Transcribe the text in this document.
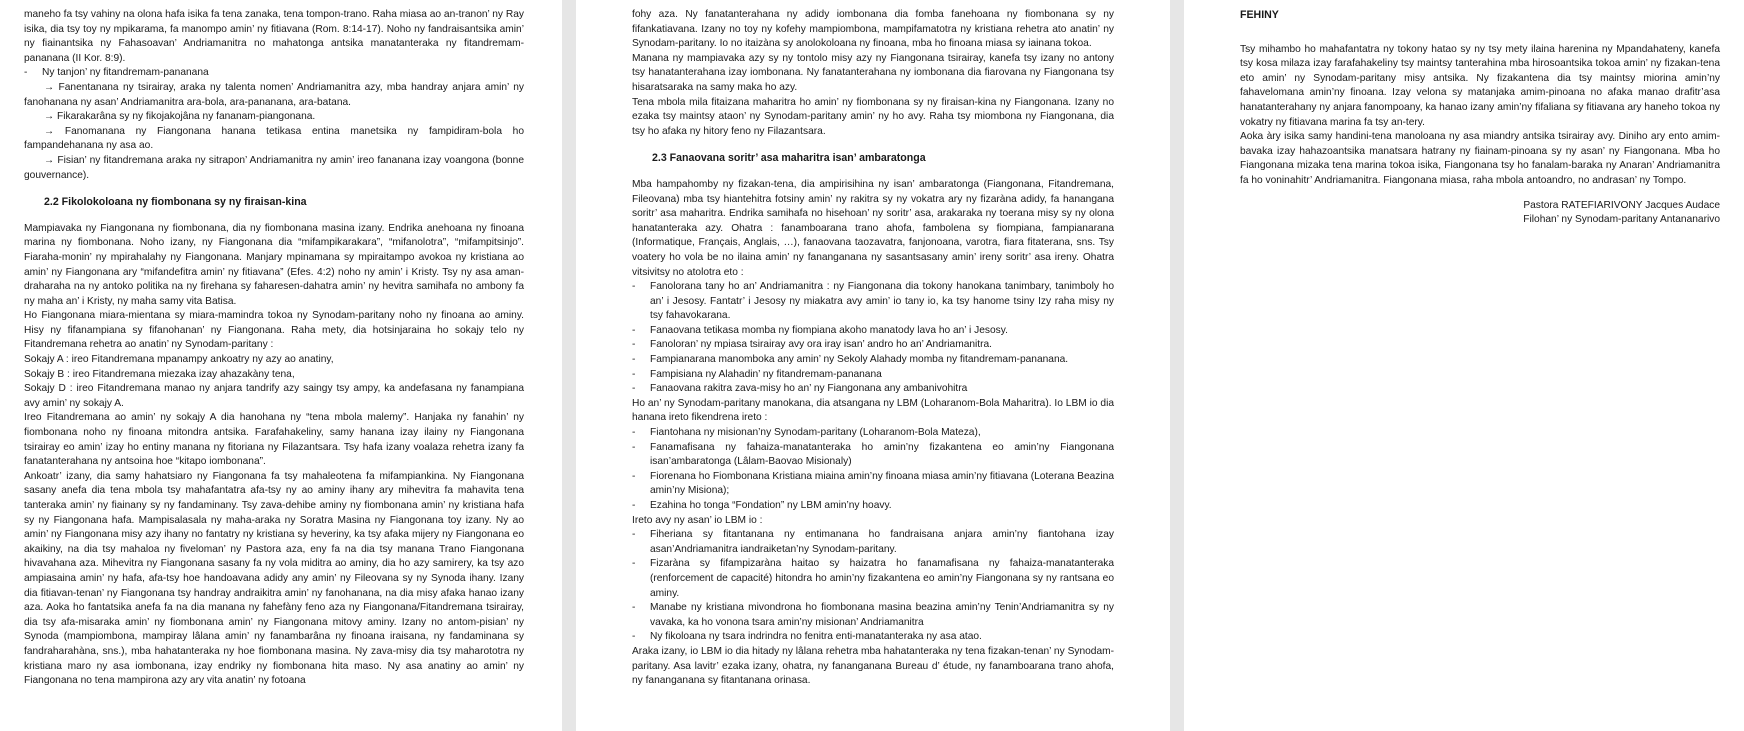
maneho fa tsy vahiny na olona hafa isika fa tena zanaka, tena tompon-trano. Raha miasa ao an-tranon’ ny Ray isika, dia tsy toy ny mpikarama, fa manompo amin’ ny fitiavana (Rom. 8:14-17). Noho ny fandraisantsika amin’ ny fiainantsika ny Fahasoavan’ Andriamanitra no mahatonga antsika manatanteraka ny fitandremam-pananana (II Kor. 8:9).

-	Ny tanjon’ ny fitandremam-pananana

→ Fanentanana ny tsirairay, araka ny talenta nomen’ Andriamanitra azy, mba handray anjara amin’ ny fanohanana ny asan’ Andriamanitra ara-bola, ara-pananana, ara-batana.

→ Fikarakarâna sy ny fikojakojâna ny fananam-piangonana.

→ Fanomanana ny Fiangonana hanana tetikasa entina manetsika ny fampidiram-bola ho fampandehanana ny asa ao.

→ Fisian’ ny fitandremana araka ny sitrapon’ Andriamanitra ny amin’ ireo fananana izay voangona (bonne gouvernance).

2.2 Fikolokoloana ny fiombonana sy ny firaisan-kina

Mampiavaka ny Fiangonana ny fiombonana, dia ny fiombonana masina izany. Endrika anehoana ny finoana marina ny fiombonana. Noho izany, ny Fiangonana dia “mifampikarakara”, “mifanolotra”, “mifampitsinjo”. Fiaraha-monin’ ny mpirahalahy ny Fiangonana. Manjary mpinamana sy mpiraitampo avokoa ny kristiana ao amin’ ny Fiangonana ary “mifandefitra amin’ ny fitiavana” (Efes. 4:2) noho ny amin’ i Kristy. Tsy ny asa aman-draharaha na ny antoko politika na ny firehana sy faharesen-dahatra amin’ ny hevitra samihafa no ambony fa ny maha an’ i Kristy, ny maha samy vita Batisa.

Ho Fiangonana miara-mientana sy miara-mamindra tokoa ny Synodam-paritany noho ny finoana ao aminy. Hisy ny fifanampiana sy fifanohanan’ ny Fiangonana. Raha mety, dia hotsinjaraina ho sokajy telo ny Fitandremana rehetra ao anatin’ ny Synodam-paritany :

Sokajy A : ireo Fitandremana mpanampy ankoatry ny azy ao anatiny,

Sokajy B : ireo Fitandremana miezaka izay ahazakàny tena,

Sokajy D : ireo Fitandremana manao ny anjara tandrify azy saingy tsy ampy, ka andefasana ny fanampiana avy amin’ ny sokajy A.

Ireo Fitandremana ao amin’ ny sokajy A dia hanohana ny “tena mbola malemy”. Hanjaka ny fanahin’ ny fiombonana noho ny finoana mitondra antsika. Farafahakeliny, samy hanana izay ilainy ny Fiangonana tsirairay eo amin’ izay ho entiny manana ny fitoriana ny Filazantsara. Tsy hafa izany voalaza rehetra izany fa fanatanterahana ny antsoina hoe “kitapo iombonana”.

Ankoatr’ izany, dia samy hahatsiaro ny Fiangonana fa tsy mahaleotena fa mifampiankina. Ny Fiangonana sasany anefa dia tena mbola tsy mahafantatra afa-tsy ny ao aminy ihany ary mihevitra fa mahavita tena tanteraka amin’ ny fiainany sy ny fandaminany. Tsy zava-dehibe aminy ny fiombonana amin’ ny kristiana hafa sy ny Fiangonana hafa. Mampisalasala ny maha-araka ny Soratra Masina ny Fiangonana toy izany. Ny ao amin’ ny Fiangonana misy azy ihany no fantatry ny kristiana sy heveriny, ka tsy afaka mijery ny Fiangonana eo akaikiny, na dia tsy mahaloa ny fiveloman’ ny Pastora aza, eny fa na dia tsy manana Trano Fiangonana hivavahana aza. Mihevitra ny Fiangonana sasany fa ny vola miditra ao aminy, dia ho azy samirery, ka tsy azo ampiasaina amin’ ny hafa, afa-tsy hoe handoavana adidy any amin’ ny Fileovana sy ny Synoda ihany. Izany dia fitiavan-tenan’ ny Fiangonana tsy handray andraikitra amin’ ny fanohanana, na dia misy afaka hanao izany aza. Aoka ho fantatsika anefa fa na dia manana ny fahefàny feno aza ny Fiangonana/Fitandremana tsirairay, dia tsy afa-misaraka amin’ ny fiombonana amin’ ny Fiangonana mitovy aminy. Izany no antom-pisian’ ny Synoda (mampiombona, mampiray lâlana amin’ ny fanambarâna ny finoana iraisana, ny fandaminana sy fandraharahàna, sns.), mba hahatanteraka ny hoe fiombonana masina. Ny zava-misy dia tsy maharototra ny kristiana maro ny asa iombonana, izay endriky ny fiombonana hita maso. Ny asa anatiny ao amin’ ny Fiangonana no tena mampirona azy ary vita anatin’ ny fotoana

fohy aza. Ny fanatanterahana ny adidy iombonana dia fomba fanehoana ny fiombonana sy ny fifankatiavana. Izany no toy ny kofehy mampiombona, mampifamatotra ny kristiana rehetra ato anatin’ ny Synodam-paritany. Io no itaizàna sy anolokoloana ny finoana, mba ho finoana miasa sy iainana tokoa.

Manana ny mampiavaka azy sy ny tontolo misy azy ny Fiangonana tsirairay, kanefa tsy izany no antony tsy hanatanterahana izay iombonana. Ny fanatanterahana ny iombonana dia fiarovana ny Fiangonana tsy hisaratsaraka na samy maka ho azy.

Tena mbola mila fitaizana maharitra ho amin’ ny fiombonana sy ny firaisan-kina ny Fiangonana. Izany no ezaka tsy maintsy ataon’ ny Synodam-paritany amin’ ny ho avy. Raha tsy miombona ny Fiangonana, dia tsy ho afaka ny hitory feno ny Filazantsara.

2.3 Fanaovana soritr’ asa maharitra isan’ ambaratonga

Mba hampahomby ny fizakan-tena, dia ampirisihina ny isan’ ambaratonga (Fiangonana, Fitandremana, Fileovana) mba tsy hiantehitra fotsiny amin’ ny rakitra sy ny vokatra ary ny fizaràna adidy, fa hanangana soritr’ asa maharitra. Endrika samihafa no hisehoan’ ny soritr’ asa, arakaraka ny toerana misy sy ny olona hanatanteraka azy. Ohatra : fanamboarana trano ahofa, fambolena sy fiompiana, fampianarana (Informatique, Français, Anglais, …), fanaovana taozavatra, fanjonoana, varotra, fiara fitaterana, sns. Tsy voatery ho vola be no ilaina amin’ ny fananganana ny sasantsasany amin’ ireny soritr’ asa ireny. Ohatra vitsivitsy no atolotra eto :

-	Fanolorana tany ho an’ Andriamanitra : ny Fiangonana dia tokony hanokana tanimbary, tanimboly ho an’ i Jesosy. Fantatr’ i Jesosy ny miakatra avy amin’ io tany io, ka tsy hanome tsiny Izy raha misy ny tsy fahavokarana.
-	Fanaovana tetikasa momba ny fiompiana akoho manatody lava ho an’ i Jesosy.
-	Fanoloran’ ny mpiasa tsirairay avy ora iray isan’ andro ho an’ Andriamanitra.
-	Fampianarana manomboka any amin’ ny Sekoly Alahady momba ny fitandremam-pananana.
-	Fampisiana ny Alahadin’ ny fitandremam-pananana
-	Fanaovana rakitra zava-misy ho an’ ny Fiangonana any ambanivohitra

Ho an’ ny Synodam-paritany manokana, dia atsangana ny LBM (Loharanom-Bola Maharitra). Io LBM io dia hanana ireto fikendrena ireto :

-	Fiantohana ny misionan’ny Synodam-paritany (Loharanom-Bola Mateza),
-	Fanamafisana ny fahaiza-manatanteraka ho amin’ny fizakantena eo amin’ny Fiangonana isan’ambaratonga (Lâlam-Baovao Misionaly)
-	Fiorenana ho Fiombonana Kristiana miaina amin’ny finoana miasa amin’ny fitiavana (Loterana Beazina amin’ny Misiona);
-	Ezahina ho tonga “Fondation” ny LBM amin’ny hoavy.

Ireto avy ny asan’ io LBM io :

-	Fiheriana sy fitantanana ny entimanana ho fandraisana anjara amin’ny fiantohana izay asan’Andriamanitra iandraiketan’ny Synodam-paritany.
-	Fizaràna sy fifampizaràna haitao sy haizatra ho fanamafisana ny fahaiza-manatanteraka (renforcement de capacité) hitondra ho amin’ny fizakantena eo amin’ny Fiangonana sy ny rantsana eo aminy.
-	Manabe ny kristiana mivondrona ho fiombonana masina beazina amin’ny Tenin’Andriamanitra sy ny vavaka, ka ho vonona tsara amin’ny misionan’ Andriamanitra
-	Ny fikoloana ny tsara indrindra no fenitra enti-manatanteraka ny asa atao.

Araka izany, io LBM io dia hitady ny lâlana rehetra mba hahatanteraka ny tena fizakan-tenan’ ny Synodam-paritany. Asa lavitr’ ezaka izany, ohatra, ny fananganana Bureau d’ étude, ny fanamboarana trano ahofa, ny fananganana sy fitantanana orinasa.

FEHINY

Tsy mihambo ho mahafantatra ny tokony hatao sy ny tsy mety ilaina harenina ny Mpandahateny, kanefa tsy kosa milaza izay farafahakeliny tsy maintsy tanterahina mba hirosoantsika tokoa amin’ ny fizakan-tena eto amin’ ny Synodam-paritany misy antsika. Ny fizakantena dia tsy maintsy miorina amin’ny fahavelomana amin’ny finoana. Izay velona sy matanjaka amim-pinoana no afaka manao drafitr’asa hanatanterahany ny anjara fanompoany, ka hanao izany amin’ny fifaliana sy fitiavana ary haneho tokoa ny vokatry ny fitiavana marina fa tsy an-tery.

Aoka àry isika samy handini-tena manoloana ny asa miandry antsika tsirairay avy. Diniho ary ento amim-bavaka izay hahazoantsika manatsara hatrany ny fiainam-pinoana sy ny asan’ ny Fiangonana. Mba ho Fiangonana mizaka tena marina tokoa isika, Fiangonana tsy ho fanalam-baraka ny Anaran’ Andriamanitra fa ho voninahitr’ Andriamanitra. Fiangonana miasa, raha mbola antoandro, no andrasan’ ny Tompo.

Pastora RATEFIARIVONY Jacques Audace

Filohan’ ny Synodam-paritany Antananarivo
